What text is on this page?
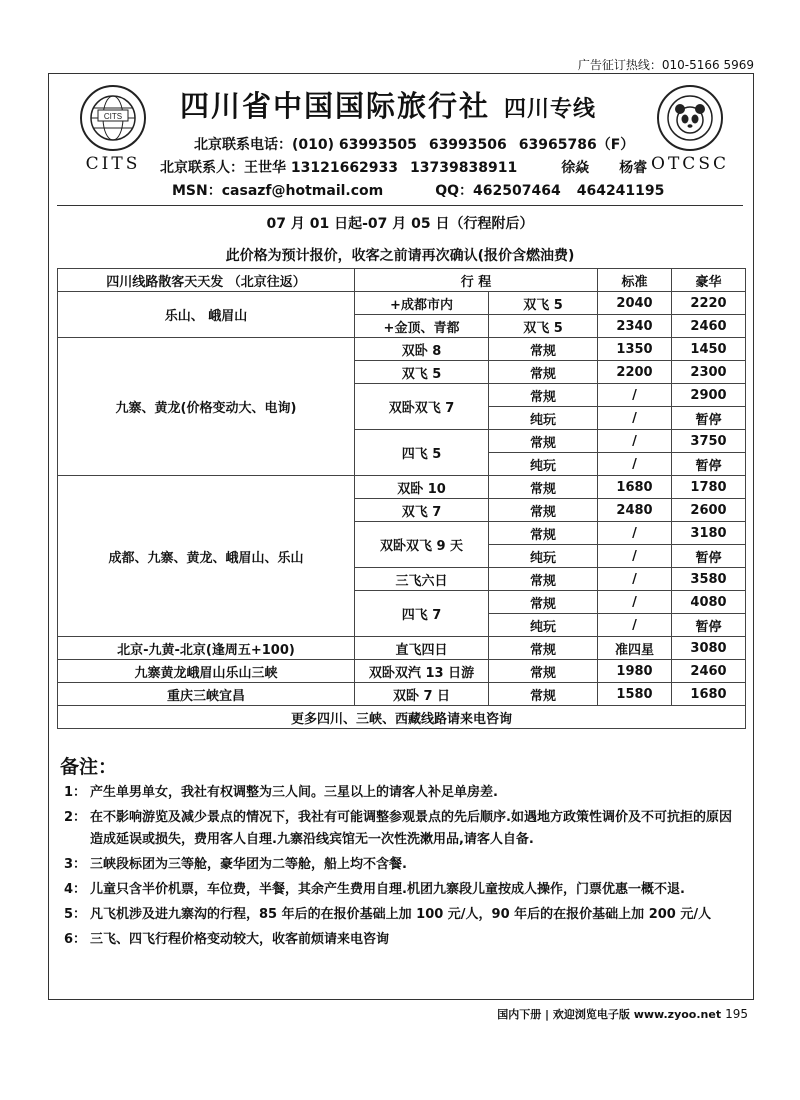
广告征订热线：010-5166 5969
CITS
CITS	OTCSC
四川省中国国际旅行社 四川专线
北京联系电话：(010) 63993505 63993506 63965786（F）
北京联系人：王世华 13121662933 13739838911	徐焱 杨睿
MSN：casazf@hotmail.com	QQ：462507464 464241195
07 月 01 日起-07 月 05 日（行程附后）
此价格为预计报价，收客之前请再次确认(报价含燃油费)
四川线路散客天天发 （北京往返）	行 程		标准	豪华
乐山、 峨眉山	+成都市内	双飞 5	2040	2220
	+金顶、青都	双飞 5	2340	2460
九寨、黄龙(价格变动大、电询)	双卧 8	常规	1350	1450
	双飞 5	常规	2200	2300
	双卧双飞 7	常规	/	2900
		纯玩	/	暂停
	四飞 5	常规	/	3750
		纯玩	/	暂停
成都、九寨、黄龙、峨眉山、乐山	双卧 10	常规	1680	1780
	双飞 7	常规	2480	2600
	双卧双飞 9 天	常规	/	3180
		纯玩	/	暂停
	三飞六日	常规	/	3580
	四飞 7	常规	/	4080
		纯玩	/	暂停
北京-九黄-北京(逢周五+100)	直飞四日	常规	准四星	3080
九寨黄龙峨眉山乐山三峡	双卧双汽 13 日游	常规	1980	2460
重庆三峡宜昌	双卧 7 日	常规	1580	1680
更多四川、三峡、西藏线路请来电咨询				
备注：
1： 产生单男单女，我社有权调整为三人间。三星以上的请客人补足单房差.
2： 在不影响游览及减少景点的情况下，我社有可能调整参观景点的先后顺序.如遇地方政策性调价及不可抗拒的原因造成延误或损失，费用客人自理.九寨沿线宾馆无一次性洗漱用品,请客人自备.
3： 三峡段标团为三等舱，豪华团为二等舱，船上均不含餐.
4： 儿童只含半价机票，车位费，半餐，其余产生费用自理.机团九寨段儿童按成人操作，门票优惠一概不退.
5： 凡飞机涉及进九寨沟的行程，85 年后的在报价基础上加 100 元/人，90 年后的在报价基础上加 200 元/人
6： 三飞、四飞行程价格变动较大，收客前烦请来电咨询
国内下册 | 欢迎浏览电子版 www.zyoo.net 195
